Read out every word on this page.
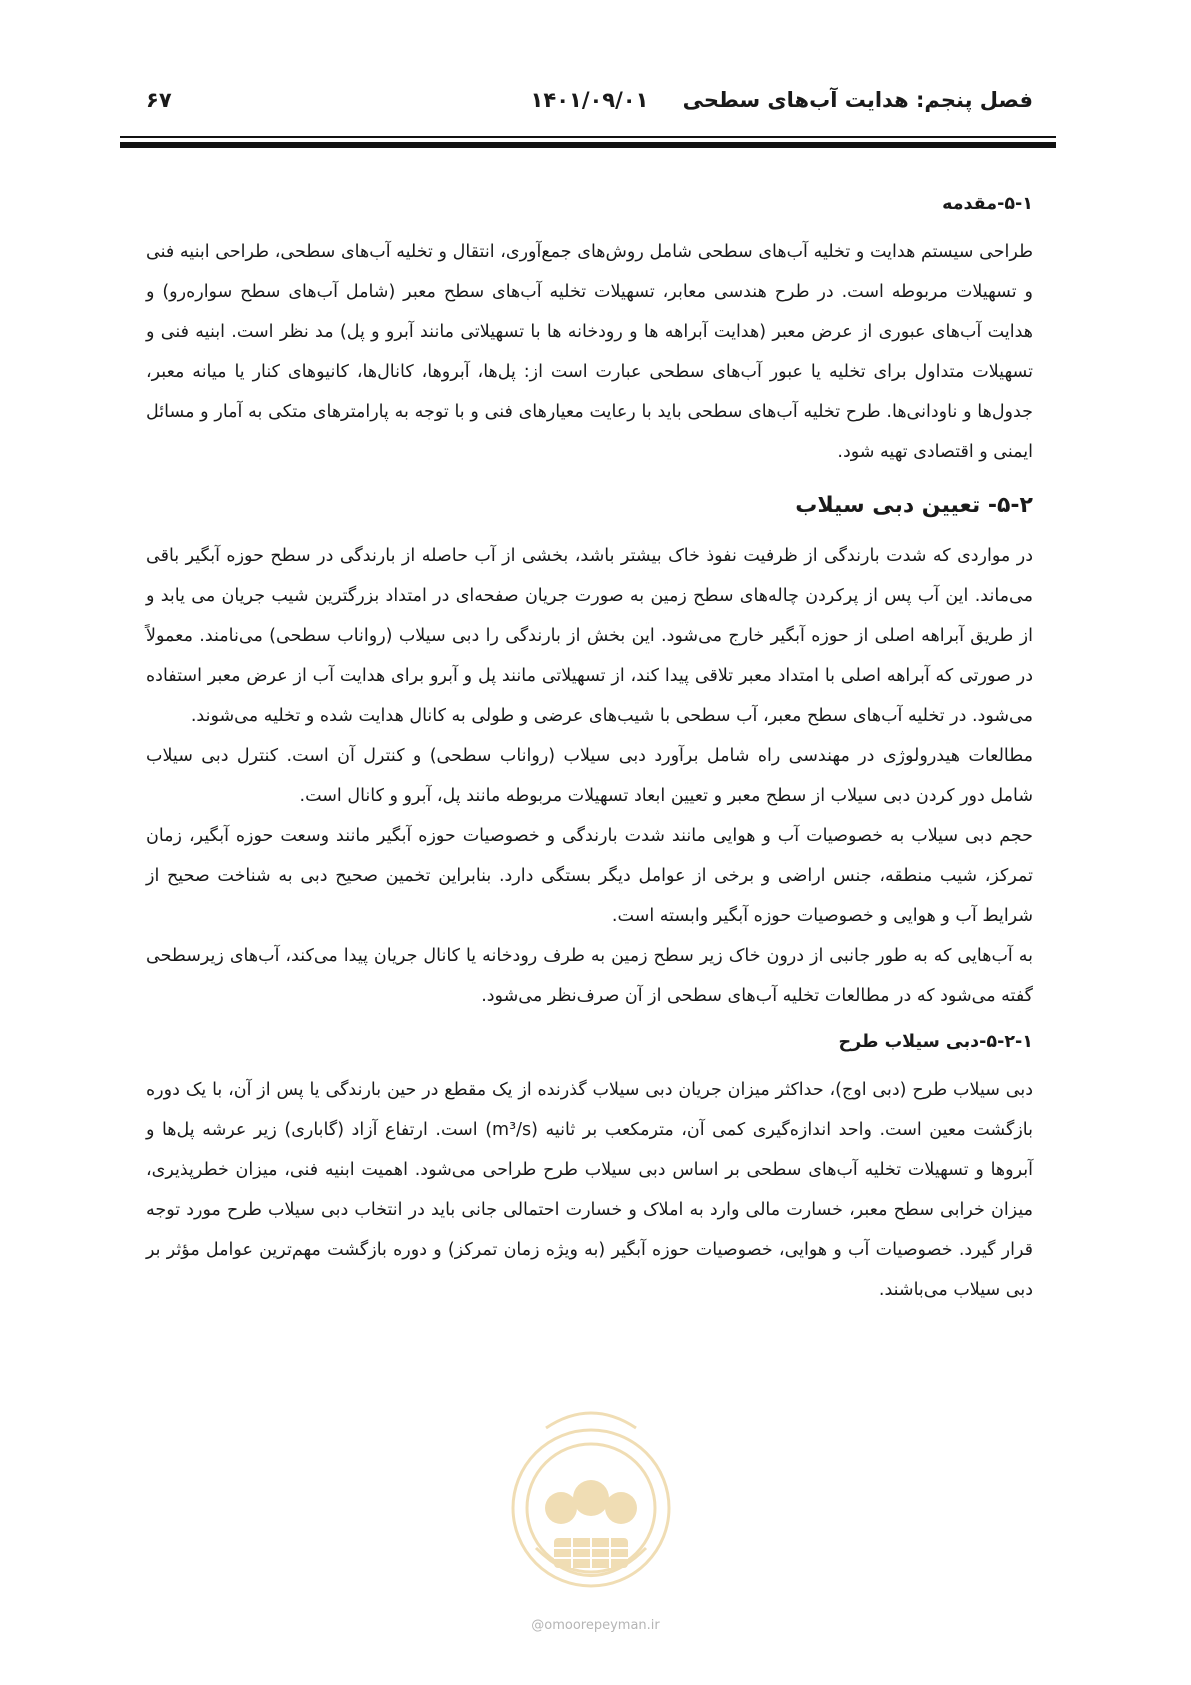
فصل پنجم: هدایت آب‌های سطحی
۱۴۰۱/۰۹/۰۱
۶۷
۵-۱-مقدمه

طراحی سیستم هدایت و تخلیه آب‌های سطحی شامل روش‌های جمع‌آوری، انتقال و تخلیه آب‌های سطحی، طراحی ابنیه فنی و تسهیلات مربوطه است. در طرح هندسی معابر، تسهیلات تخلیه آب‌های سطح معبر (شامل آب‌های سطح سواره‌رو) و هدایت آب‌های عبوری از عرض معبر (هدایت آبراهه ها و رودخانه ها با تسهیلاتی مانند آبرو و پل) مد نظر است. ابنیه فنی و تسهیلات متداول برای تخلیه یا عبور آب‌های سطحی عبارت است از: پل‌ها، آبروها، کانال‌ها، کانیوهای کنار یا میانه معبر، جدول‌ها و ناودانی‌ها. طرح تخلیه آب‌های سطحی باید با رعایت معیارهای فنی و با توجه به پارامترهای متکی به آمار و مسائل ایمنی و اقتصادی تهیه شود.

۵-۲- تعیین دبی سیلاب

در مواردی که شدت بارندگی از ظرفیت نفوذ خاک بیشتر باشد، بخشی از آب حاصله از بارندگی در سطح حوزه آبگیر باقی می‌ماند. این آب پس از پرکردن چاله‌های سطح زمین به صورت جریان صفحه‌ای در امتداد بزرگترین شیب جریان می یابد و از طریق آبراهه اصلی از حوزه آبگیر خارج می‌شود. این بخش از بارندگی را دبی سیلاب (رواناب سطحی) می‌نامند. معمولاً در صورتی که آبراهه اصلی با امتداد معبر تلاقی پیدا کند، از تسهیلاتی مانند پل و آبرو برای هدایت آب از عرض معبر استفاده می‌شود. در تخلیه آب‌های سطح معبر، آب سطحی با شیب‌های عرضی و طولی به کانال هدایت شده و تخلیه می‌شوند.

مطالعات هیدرولوژی در مهندسی راه شامل برآورد دبی سیلاب (رواناب سطحی) و کنترل آن است. کنترل دبی سیلاب شامل دور کردن دبی سیلاب از سطح معبر و تعیین ابعاد تسهیلات مربوطه مانند پل، آبرو و کانال است.

حجم دبی سیلاب به خصوصیات آب و هوایی مانند شدت بارندگی و خصوصیات حوزه آبگیر مانند وسعت حوزه آبگیر، زمان تمرکز، شیب منطقه، جنس اراضی و برخی از عوامل دیگر بستگی دارد. بنابراین تخمین صحیح دبی به شناخت صحیح از شرایط آب و هوایی و خصوصیات حوزه آبگیر وابسته است.

به آب‌هایی که به طور جانبی از درون خاک زیر سطح زمین به طرف رودخانه یا کانال جریان پیدا می‌کند، آب‌های زیرسطحی گفته می‌شود که در مطالعات تخلیه آب‌های سطحی از آن صرف‌نظر می‌شود.

۵-۲-۱-دبی سیلاب طرح

دبی سیلاب طرح (دبی اوج)، حداکثر میزان جریان دبی سیلاب گذرنده از یک مقطع در حین بارندگی یا پس از آن، با یک دوره بازگشت معین است. واحد اندازه‌گیری کمی آن، مترمکعب بر ثانیه (m³/s) است. ارتفاع آزاد (گاباری) زیر عرشه پل‌ها و آبروها و تسهیلات تخلیه آب‌های سطحی بر اساس دبی سیلاب طرح طراحی می‌شود. اهمیت ابنیه فنی، میزان خطرپذیری، میزان خرابی سطح معبر، خسارت مالی وارد به املاک و خسارت احتمالی جانی باید در انتخاب دبی سیلاب طرح مورد توجه قرار گیرد. خصوصیات آب و هوایی، خصوصیات حوزه آبگیر (به ویژه زمان تمرکز) و دوره بازگشت مهم‌ترین عوامل مؤثر بر دبی سیلاب می‌باشند.

@omoorepeyman.ir
